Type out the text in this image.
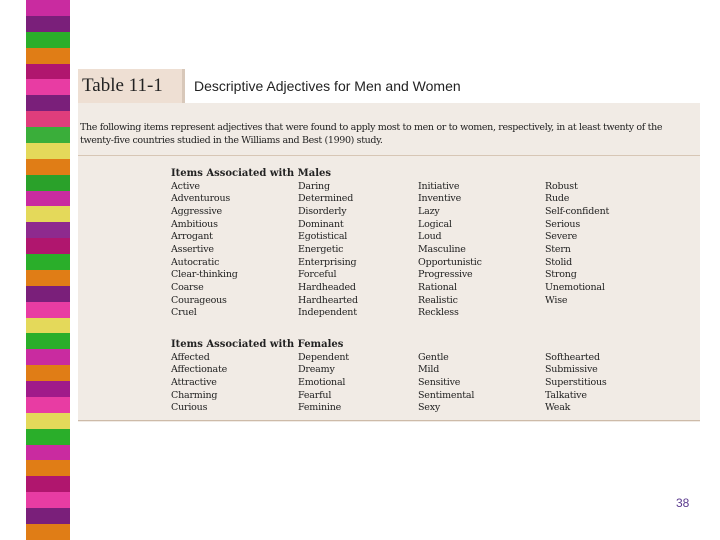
Table 11-1	Descriptive Adjectives for Men and Women
The following items represent adjectives that were found to apply most to men or to women, respectively, in at least twenty of the twenty-five countries studied in the Williams and Best (1990) study.
Items Associated with Males
Active	Daring	Initiative	Robust
Adventurous	Determined	Inventive	Rude
Aggressive	Disorderly	Lazy	Self-confident
Ambitious	Dominant	Logical	Serious
Arrogant	Egotistical	Loud	Severe
Assertive	Energetic	Masculine	Stern
Autocratic	Enterprising	Opportunistic	Stolid
Clear-thinking	Forceful	Progressive	Strong
Coarse	Hardheaded	Rational	Unemotional
Courageous	Hardhearted	Realistic	Wise
Cruel	Independent	Reckless
Items Associated with Females
Affected	Dependent	Gentle	Softhearted
Affectionate	Dreamy	Mild	Submissive
Attractive	Emotional	Sensitive	Superstitious
Charming	Fearful	Sentimental	Talkative
Curious	Feminine	Sexy	Weak
38
